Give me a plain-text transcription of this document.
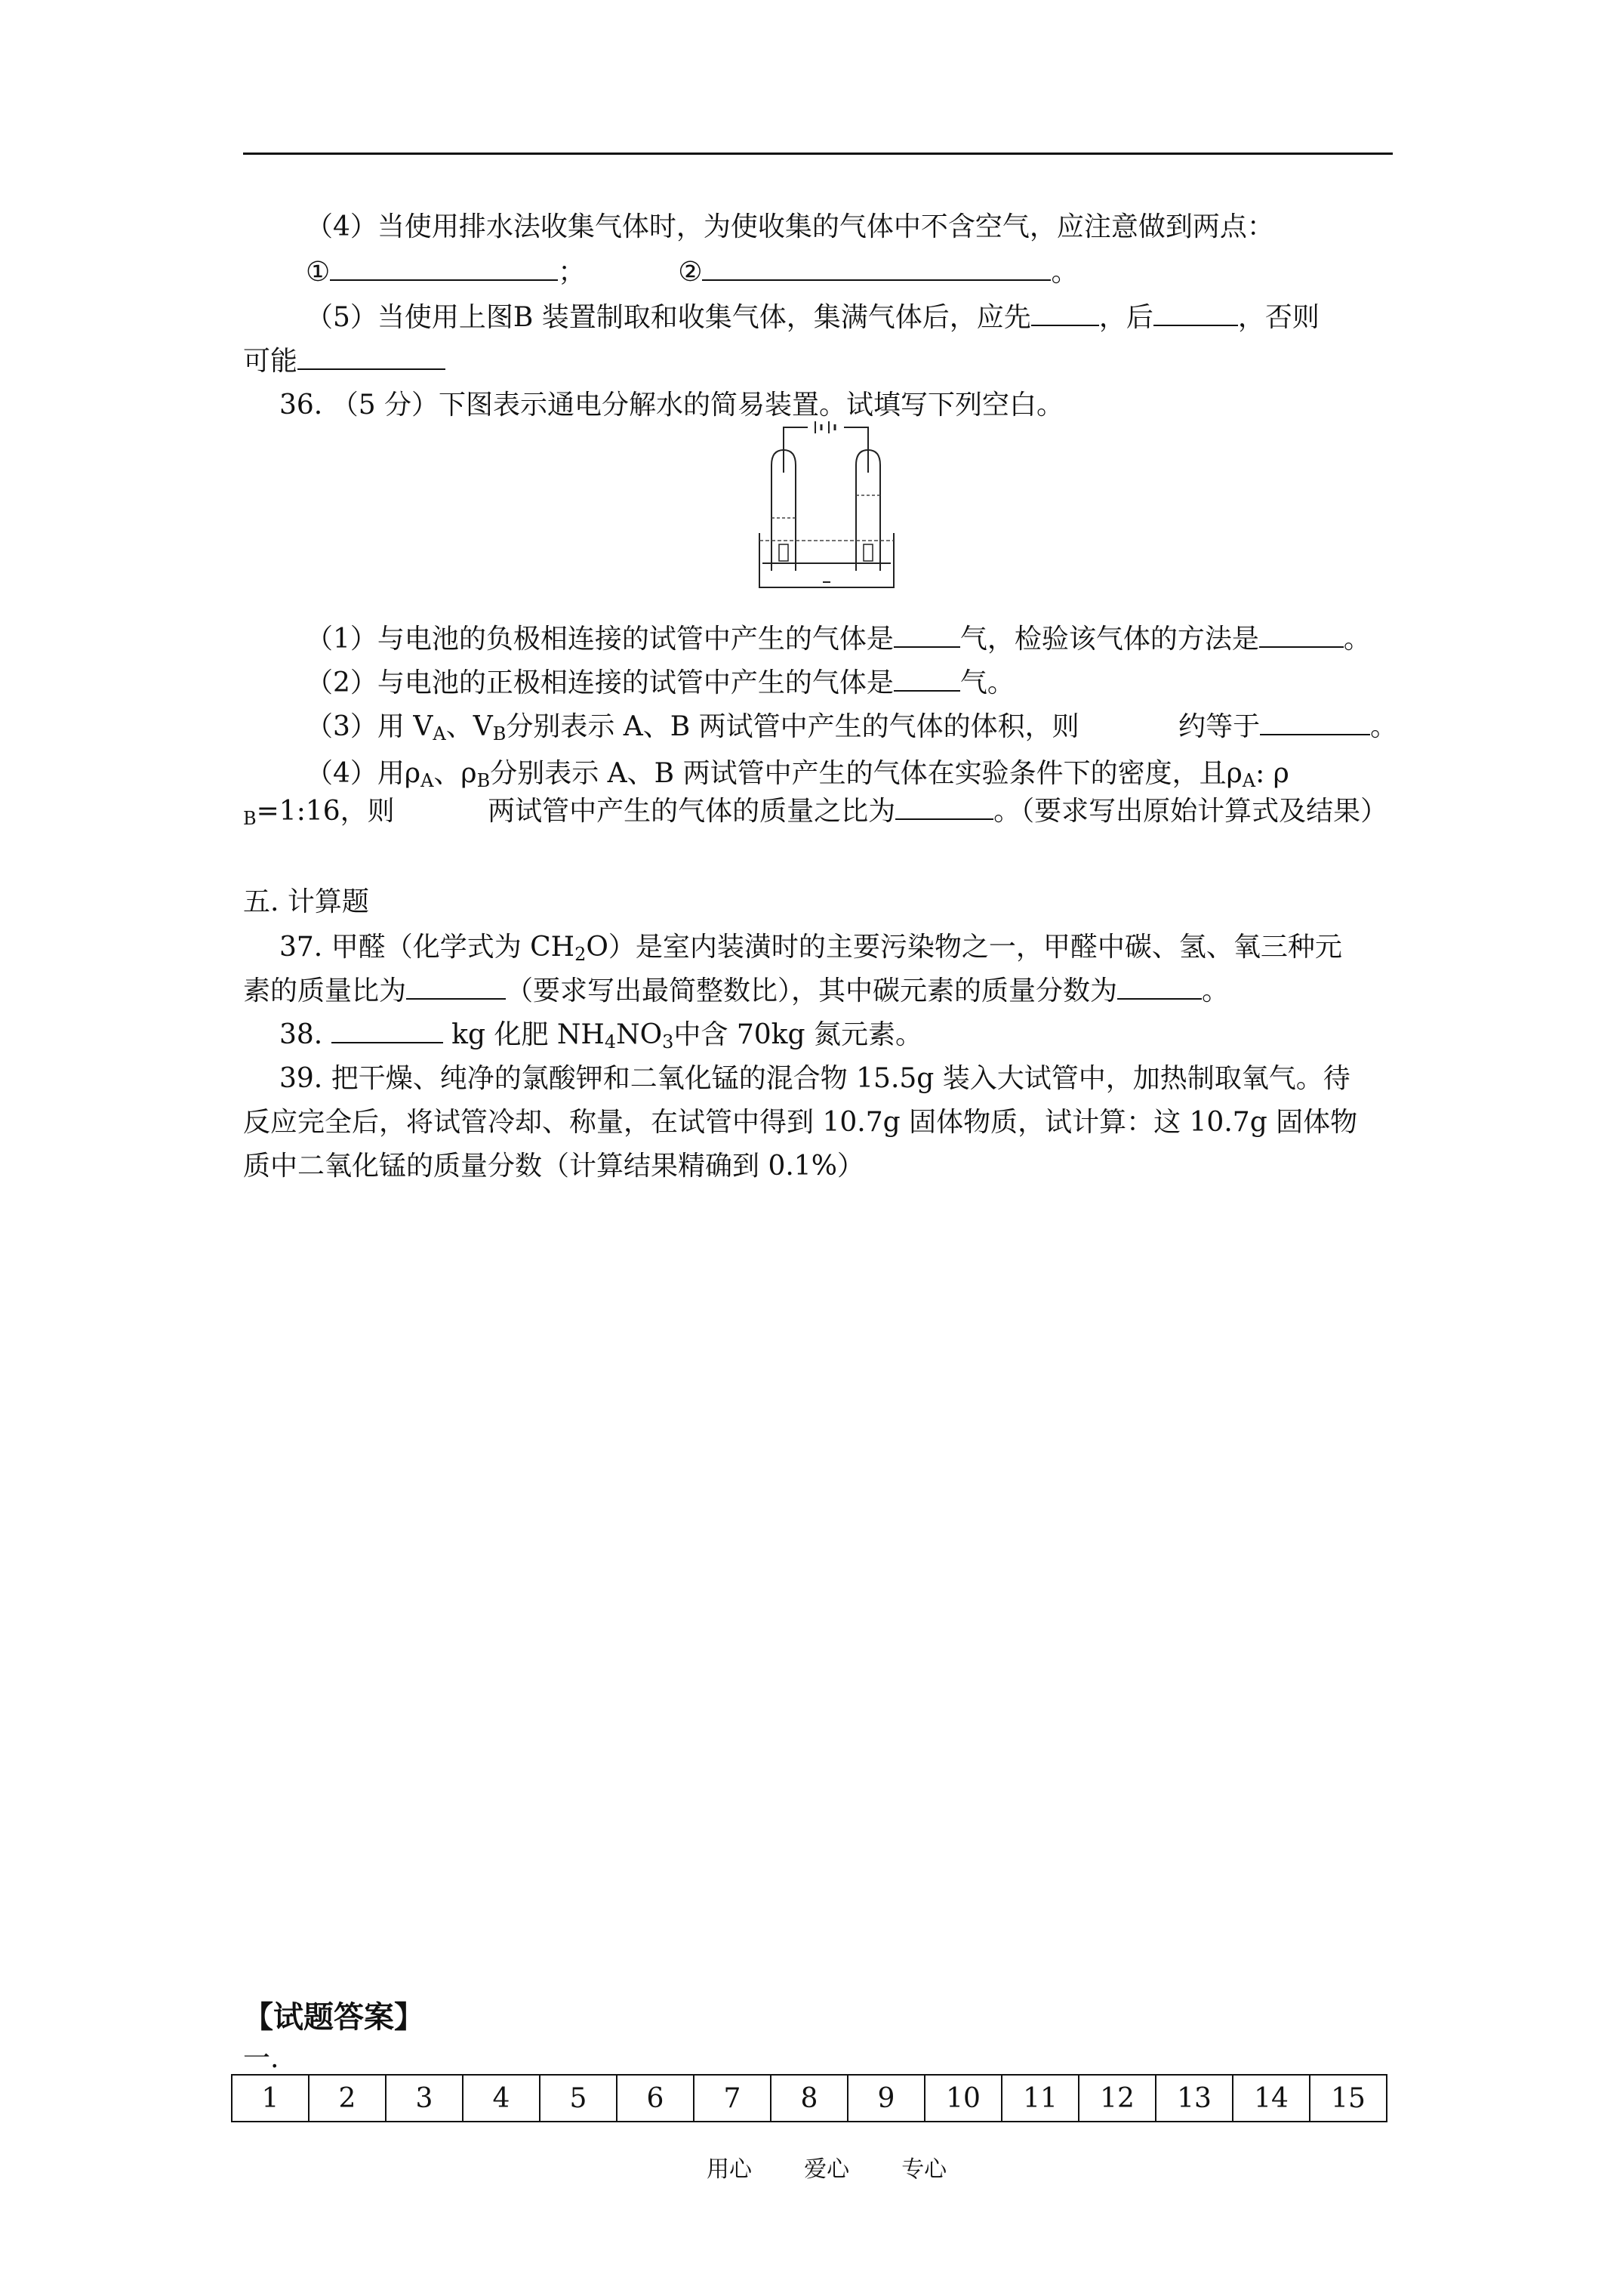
（4）当使用排水法收集气体时，为使收集的气体中不含空气，应注意做到两点：
①	；	②	。
（5）当使用上图B 装置制取和收集气体，集满气体后，应先	，后	，否则
可能
36. （5 分）下图表示通电分解水的简易装置。试填写下列空白。
（1）与电池的负极相连接的试管中产生的气体是 气，检验该气体的方法是	。
（2）与电池的正极相连接的试管中产生的气体是 气。
（3）用 $V_A$、$V_B$分别表示 A、B 两试管中产生的气体的体积，则	约等于	。
（4）用$\rho_A$、$\rho_B$分别表示 A、B 两试管中产生的气体在实验条件下的密度，且$\rho_A$: ρ
$_B$=1:16，则	两试管中产生的气体的质量之比为	。（要求写出原始计算式及结果）
五. 计算题
37. 甲醛（化学式为 $CH_2O$）是室内装潢时的主要污染物之一，甲醛中碳、氢、氧三种元
素的质量比为	（要求写出最简整数比），其中碳元素的质量分数为	。
38.	kg 化肥 $NH_4NO_3$中含 70kg 氮元素。
39. 把干燥、纯净的氯酸钾和二氧化锰的混合物 15.5g 装入大试管中，加热制取氧气。待
反应完全后，将试管冷却、称量，在试管中得到 10.7g 固体物质，试计算：这 10.7g 固体物
质中二氧化锰的质量分数（计算结果精确到 0.1%）
【试题答案】
一.
1	2	3	4	5	6	7	8	9	10	11	12	13	14	15
用心 爱心 专心
